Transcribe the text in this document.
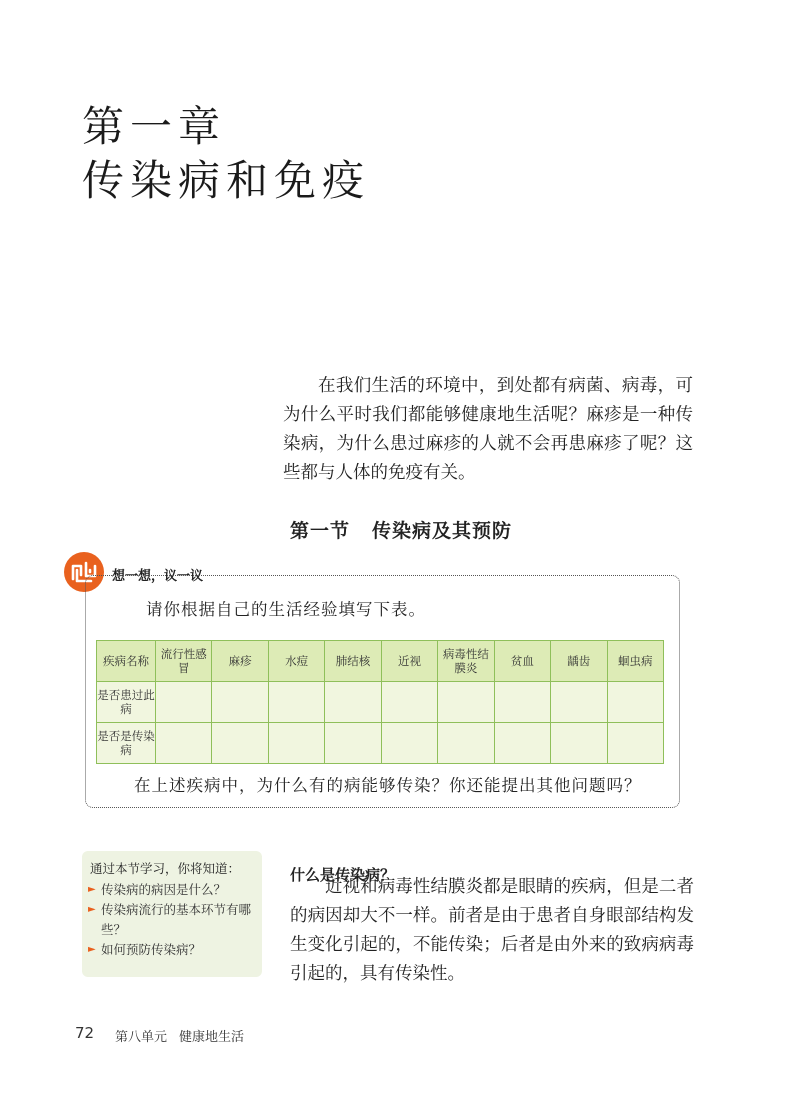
第一章
传染病和免疫

在我们生活的环境中，到处都有病菌、病毒，可为什么平时我们都能够健康地生活呢？麻疹是一种传染病，为什么患过麻疹的人就不会再患麻疹了呢？这些都与人体的免疫有关。

第一节 传染病及其预防
想一想，议一议
请你根据自己的生活经验填写下表。
疾病名称	流行性感冒	麻疹	水痘	肺结核	近视	病毒性结膜炎	贫血	龋齿	蛔虫病
是否患过此病									
是否是传染病									
在上述疾病中，为什么有的病能够传染？你还能提出其他问题吗？
通过本节学习，你将知道：
► 传染病的病因是什么？
► 传染病流行的基本环节有哪些？
► 如何预防传染病？
什么是传染病？

近视和病毒性结膜炎都是眼睛的疾病，但是二者的病因却大不一样。前者是由于患者自身眼部结构发生变化引起的，不能传染；后者是由外来的致病病毒引起的，具有传染性。

72 第八单元 健康地生活
